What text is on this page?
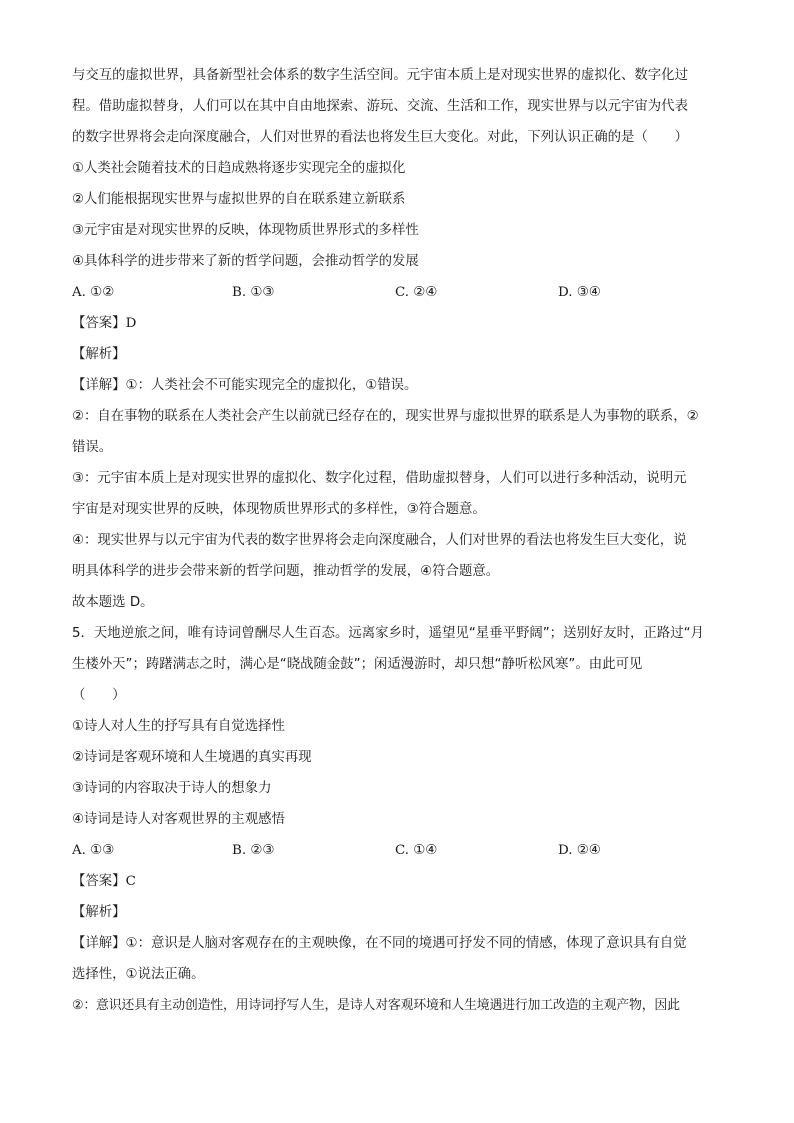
与交互的虚拟世界，具备新型社会体系的数字生活空间。元宇宙本质上是对现实世界的虚拟化、数字化过
程。借助虚拟替身，人们可以在其中自由地探索、游玩、交流、生活和工作，现实世界与以元宇宙为代表
的数字世界将会走向深度融合，人们对世界的看法也将发生巨大变化。对此，下列认识正确的是（　　）
①人类社会随着技术的日趋成熟将逐步实现完全的虚拟化
②人们能根据现实世界与虚拟世界的自在联系建立新联系
③元宇宙是对现实世界的反映，体现物质世界形式的多样性
④具体科学的进步带来了新的哲学问题，会推动哲学的发展
A. ①②	B. ①③	C. ②④	D. ③④
【答案】D
【解析】
【详解】①：人类社会不可能实现完全的虚拟化，①错误。
②：自在事物的联系在人类社会产生以前就已经存在的，现实世界与虚拟世界的联系是人为事物的联系，②
错误。
③：元宇宙本质上是对现实世界的虚拟化、数字化过程，借助虚拟替身，人们可以进行多种活动，说明元
宇宙是对现实世界的反映，体现物质世界形式的多样性，③符合题意。
④：现实世界与以元宇宙为代表的数字世界将会走向深度融合，人们对世界的看法也将发生巨大变化，说
明具体科学的进步会带来新的哲学问题，推动哲学的发展，④符合题意。
故本题选 D。
5．天地逆旅之间，唯有诗词曾酬尽人生百态。远离家乡时，遥望见“星垂平野阔”；送别好友时，正路过“月
生楼外天”；踌躇满志之时，满心是“晓战随金鼓”；闲适漫游时，却只想“静听松风寒”。由此可见
（　　）
①诗人对人生的抒写具有自觉选择性
②诗词是客观环境和人生境遇的真实再现
③诗词的内容取决于诗人的想象力
④诗词是诗人对客观世界的主观感悟
A. ①③	B. ②③	C. ①④	D. ②④
【答案】C
【解析】
【详解】①：意识是人脑对客观存在的主观映像，在不同的境遇可抒发不同的情感，体现了意识具有自觉
选择性，①说法正确。
②：意识还具有主动创造性，用诗词抒写人生，是诗人对客观环境和人生境遇进行加工改造的主观产物，因此
